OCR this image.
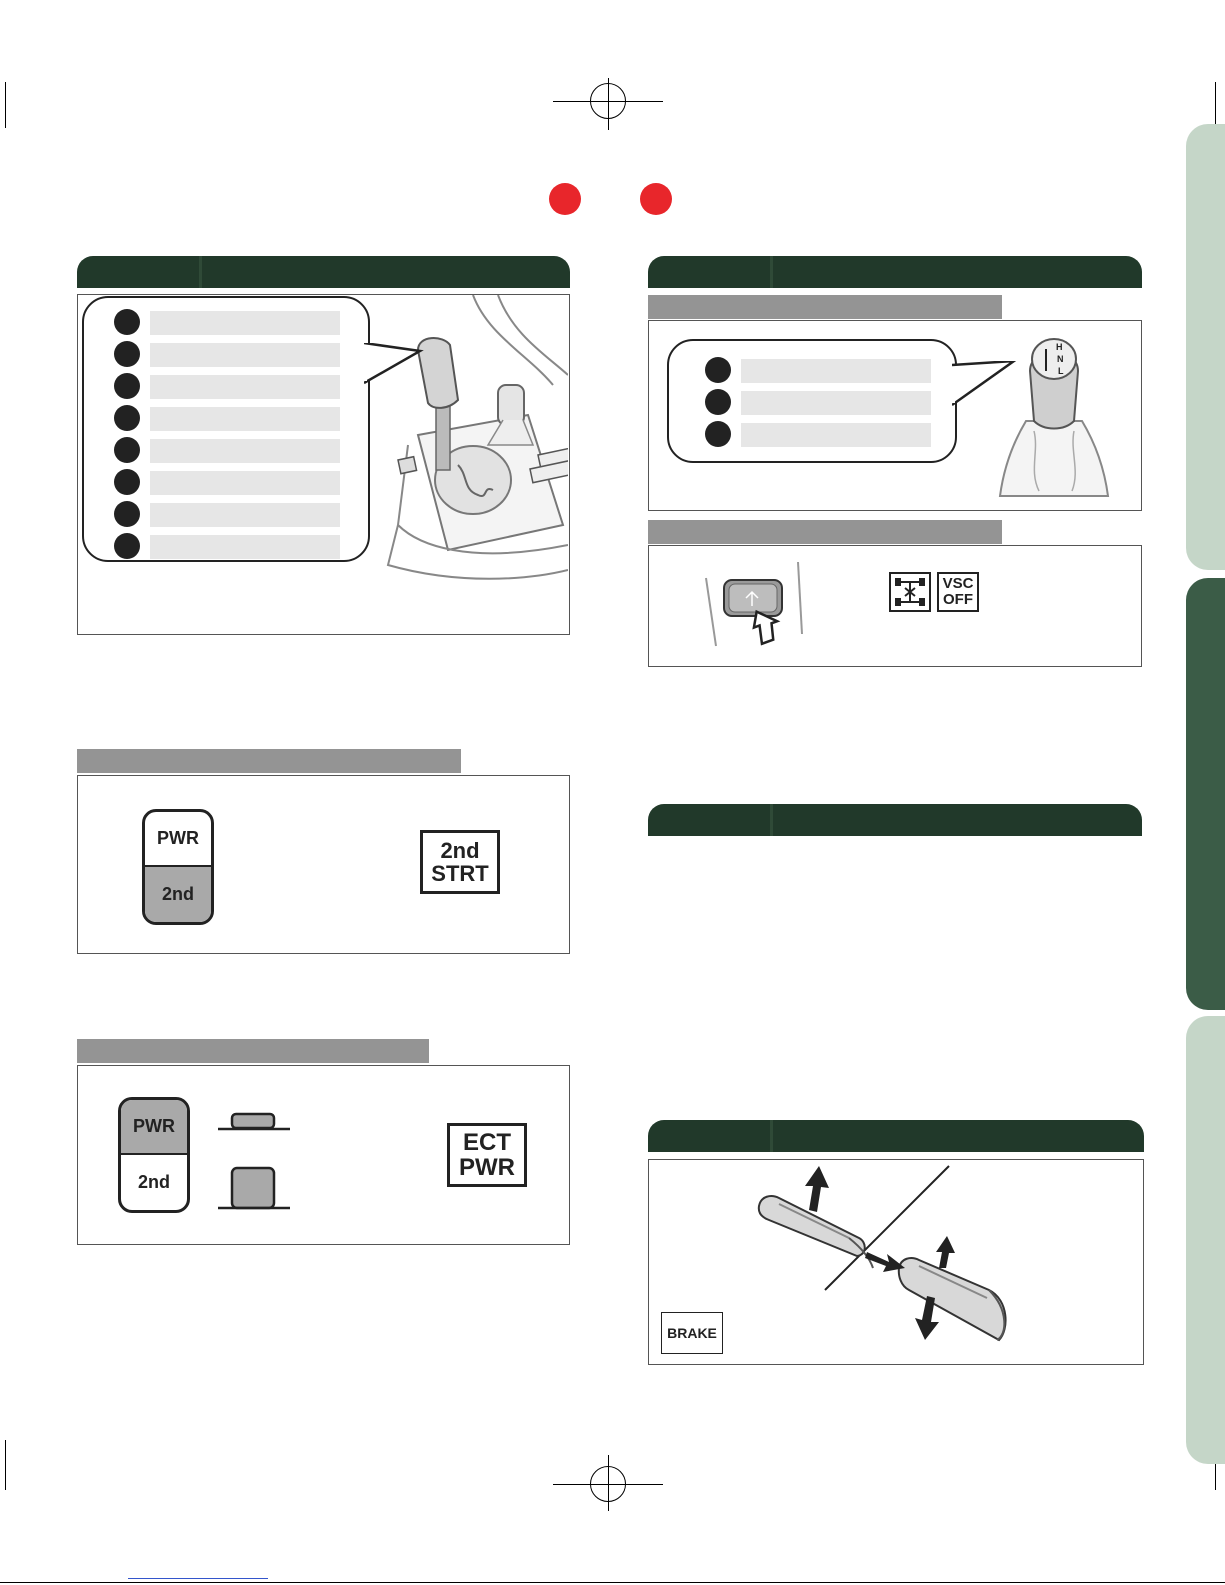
PWR
2nd
2nd
STRT
PWR
2nd
ECT
PWR
H
N
L
VSC
OFF
BRAKE
